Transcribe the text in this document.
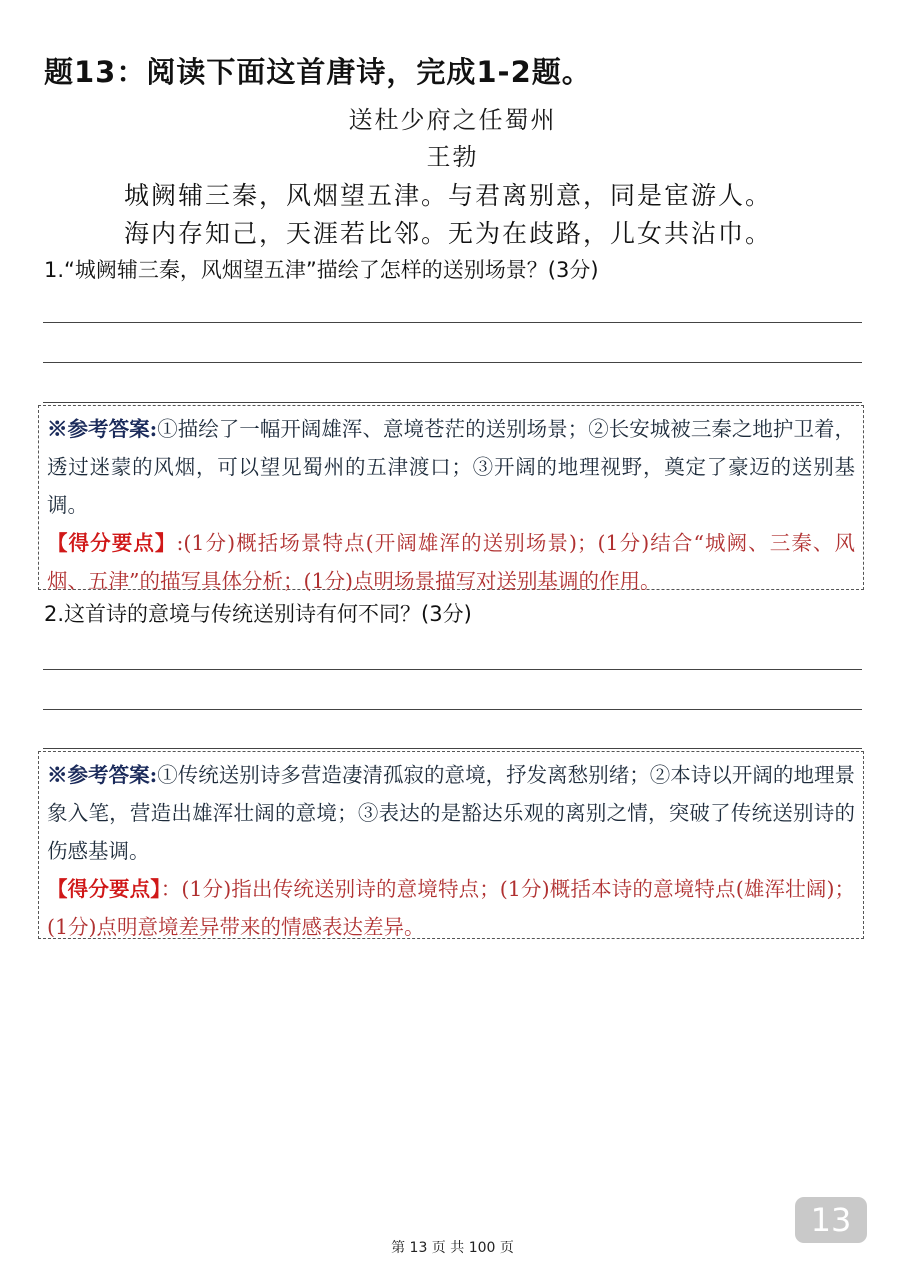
题13：阅读下面这首唐诗，完成1-2题。
送杜少府之任蜀州
王勃
城阙辅三秦，风烟望五津。与君离别意，同是宦游人。
海内存知己，天涯若比邻。无为在歧路，儿女共沾巾。
1.“城阙辅三秦，风烟望五津”描绘了怎样的送别场景？(3分)
※参考答案:①描绘了一幅开阔雄浑、意境苍茫的送别场景；②长安城被三秦之地护卫着，透过迷蒙的风烟，可以望见蜀州的五津渡口；③开阔的地理视野，奠定了豪迈的送别基调。
【得分要点】:(1分)概括场景特点(开阔雄浑的送别场景)；(1分)结合“城阙、三秦、风烟、五津”的描写具体分析；(1分)点明场景描写对送别基调的作用。
2.这首诗的意境与传统送别诗有何不同？(3分)
※参考答案:①传统送别诗多营造凄清孤寂的意境，抒发离愁别绪；②本诗以开阔的地理景象入笔，营造出雄浑壮阔的意境；③表达的是豁达乐观的离别之情，突破了传统送别诗的伤感基调。
【得分要点】：(1分)指出传统送别诗的意境特点；(1分)概括本诗的意境特点(雄浑壮阔)；(1分)点明意境差异带来的情感表达差异。
13
第 13 页 共 100 页
